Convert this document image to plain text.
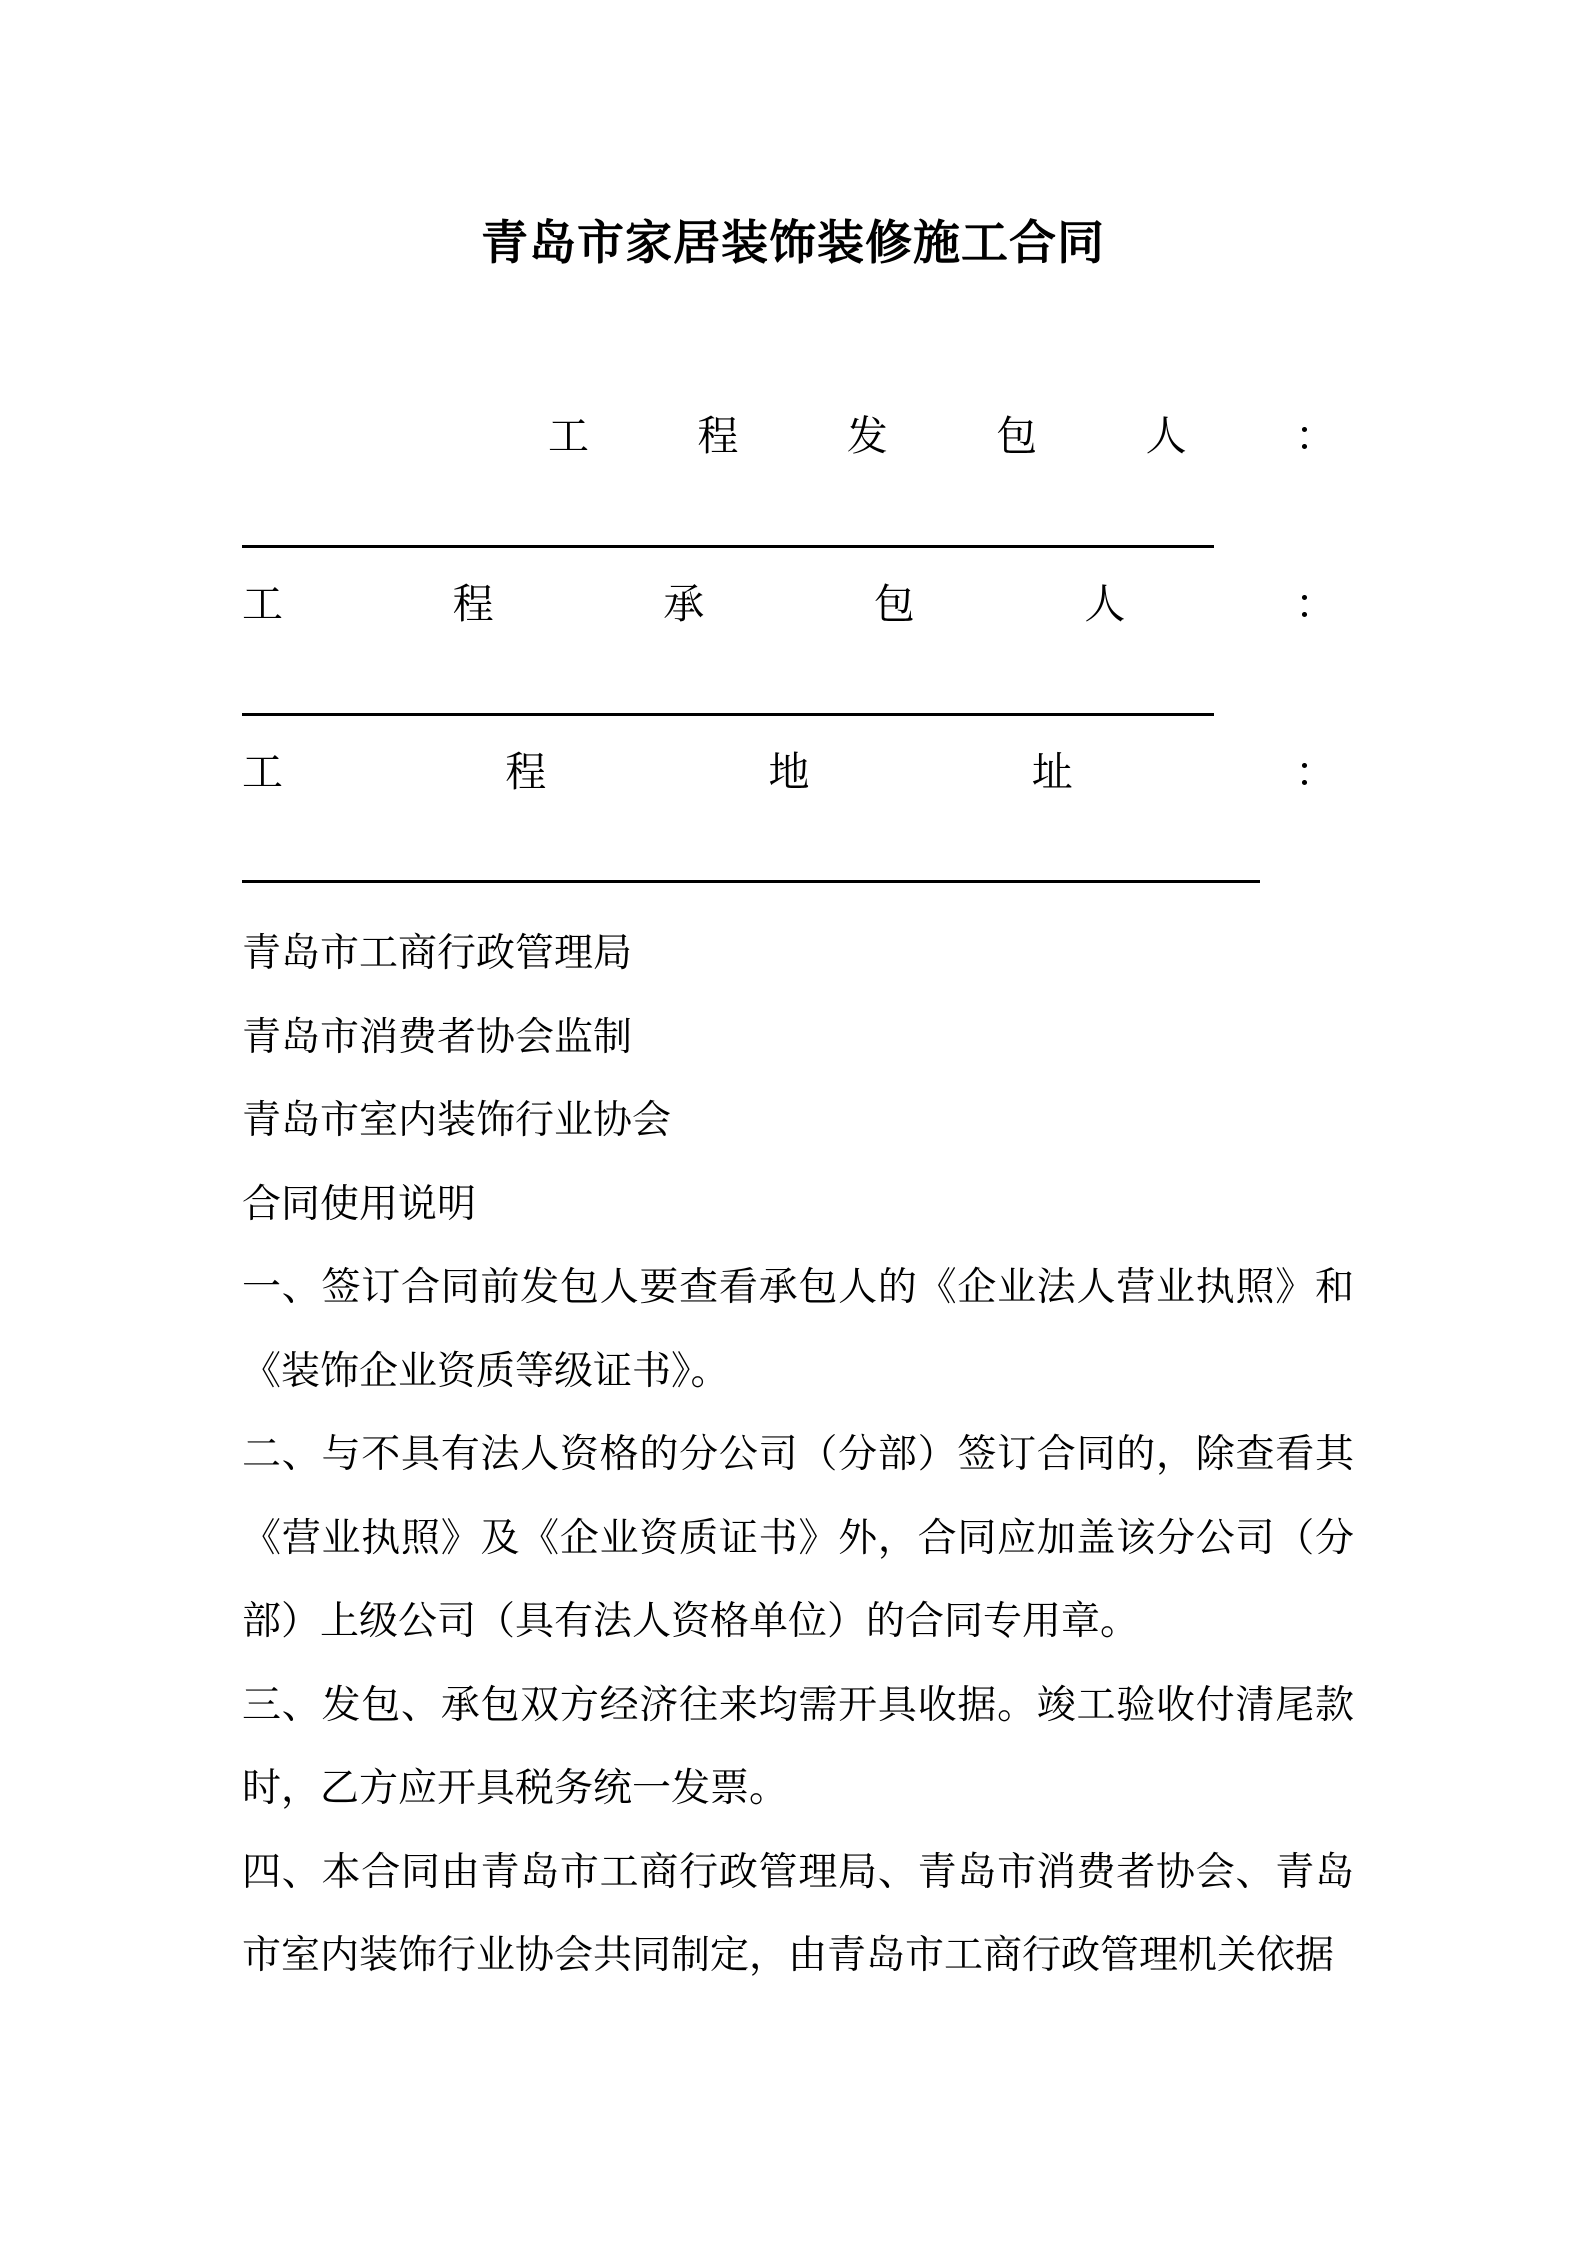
青岛市家居装饰装修施工合同
工	程	发	包	人	：
工	程	承	包	人	：
工	程	地	址	：

青岛市工商行政管理局

青岛市消费者协会监制

青岛市室内装饰行业协会

合同使用说明

一、签订合同前发包人要查看承包人的《企业法人营业执照》和《装饰企业资质等级证书》。

二、与不具有法人资格的分公司（分部）签订合同的，除查看其《营业执照》及《企业资质证书》外，合同应加盖该分公司（分部）上级公司（具有法人资格单位）的合同专用章。

三、发包、承包双方经济往来均需开具收据。竣工验收付清尾款时，乙方应开具税务统一发票。

四、本合同由青岛市工商行政管理局、青岛市消费者协会、青岛市室内装饰行业协会共同制定，由青岛市工商行政管理机关依据
